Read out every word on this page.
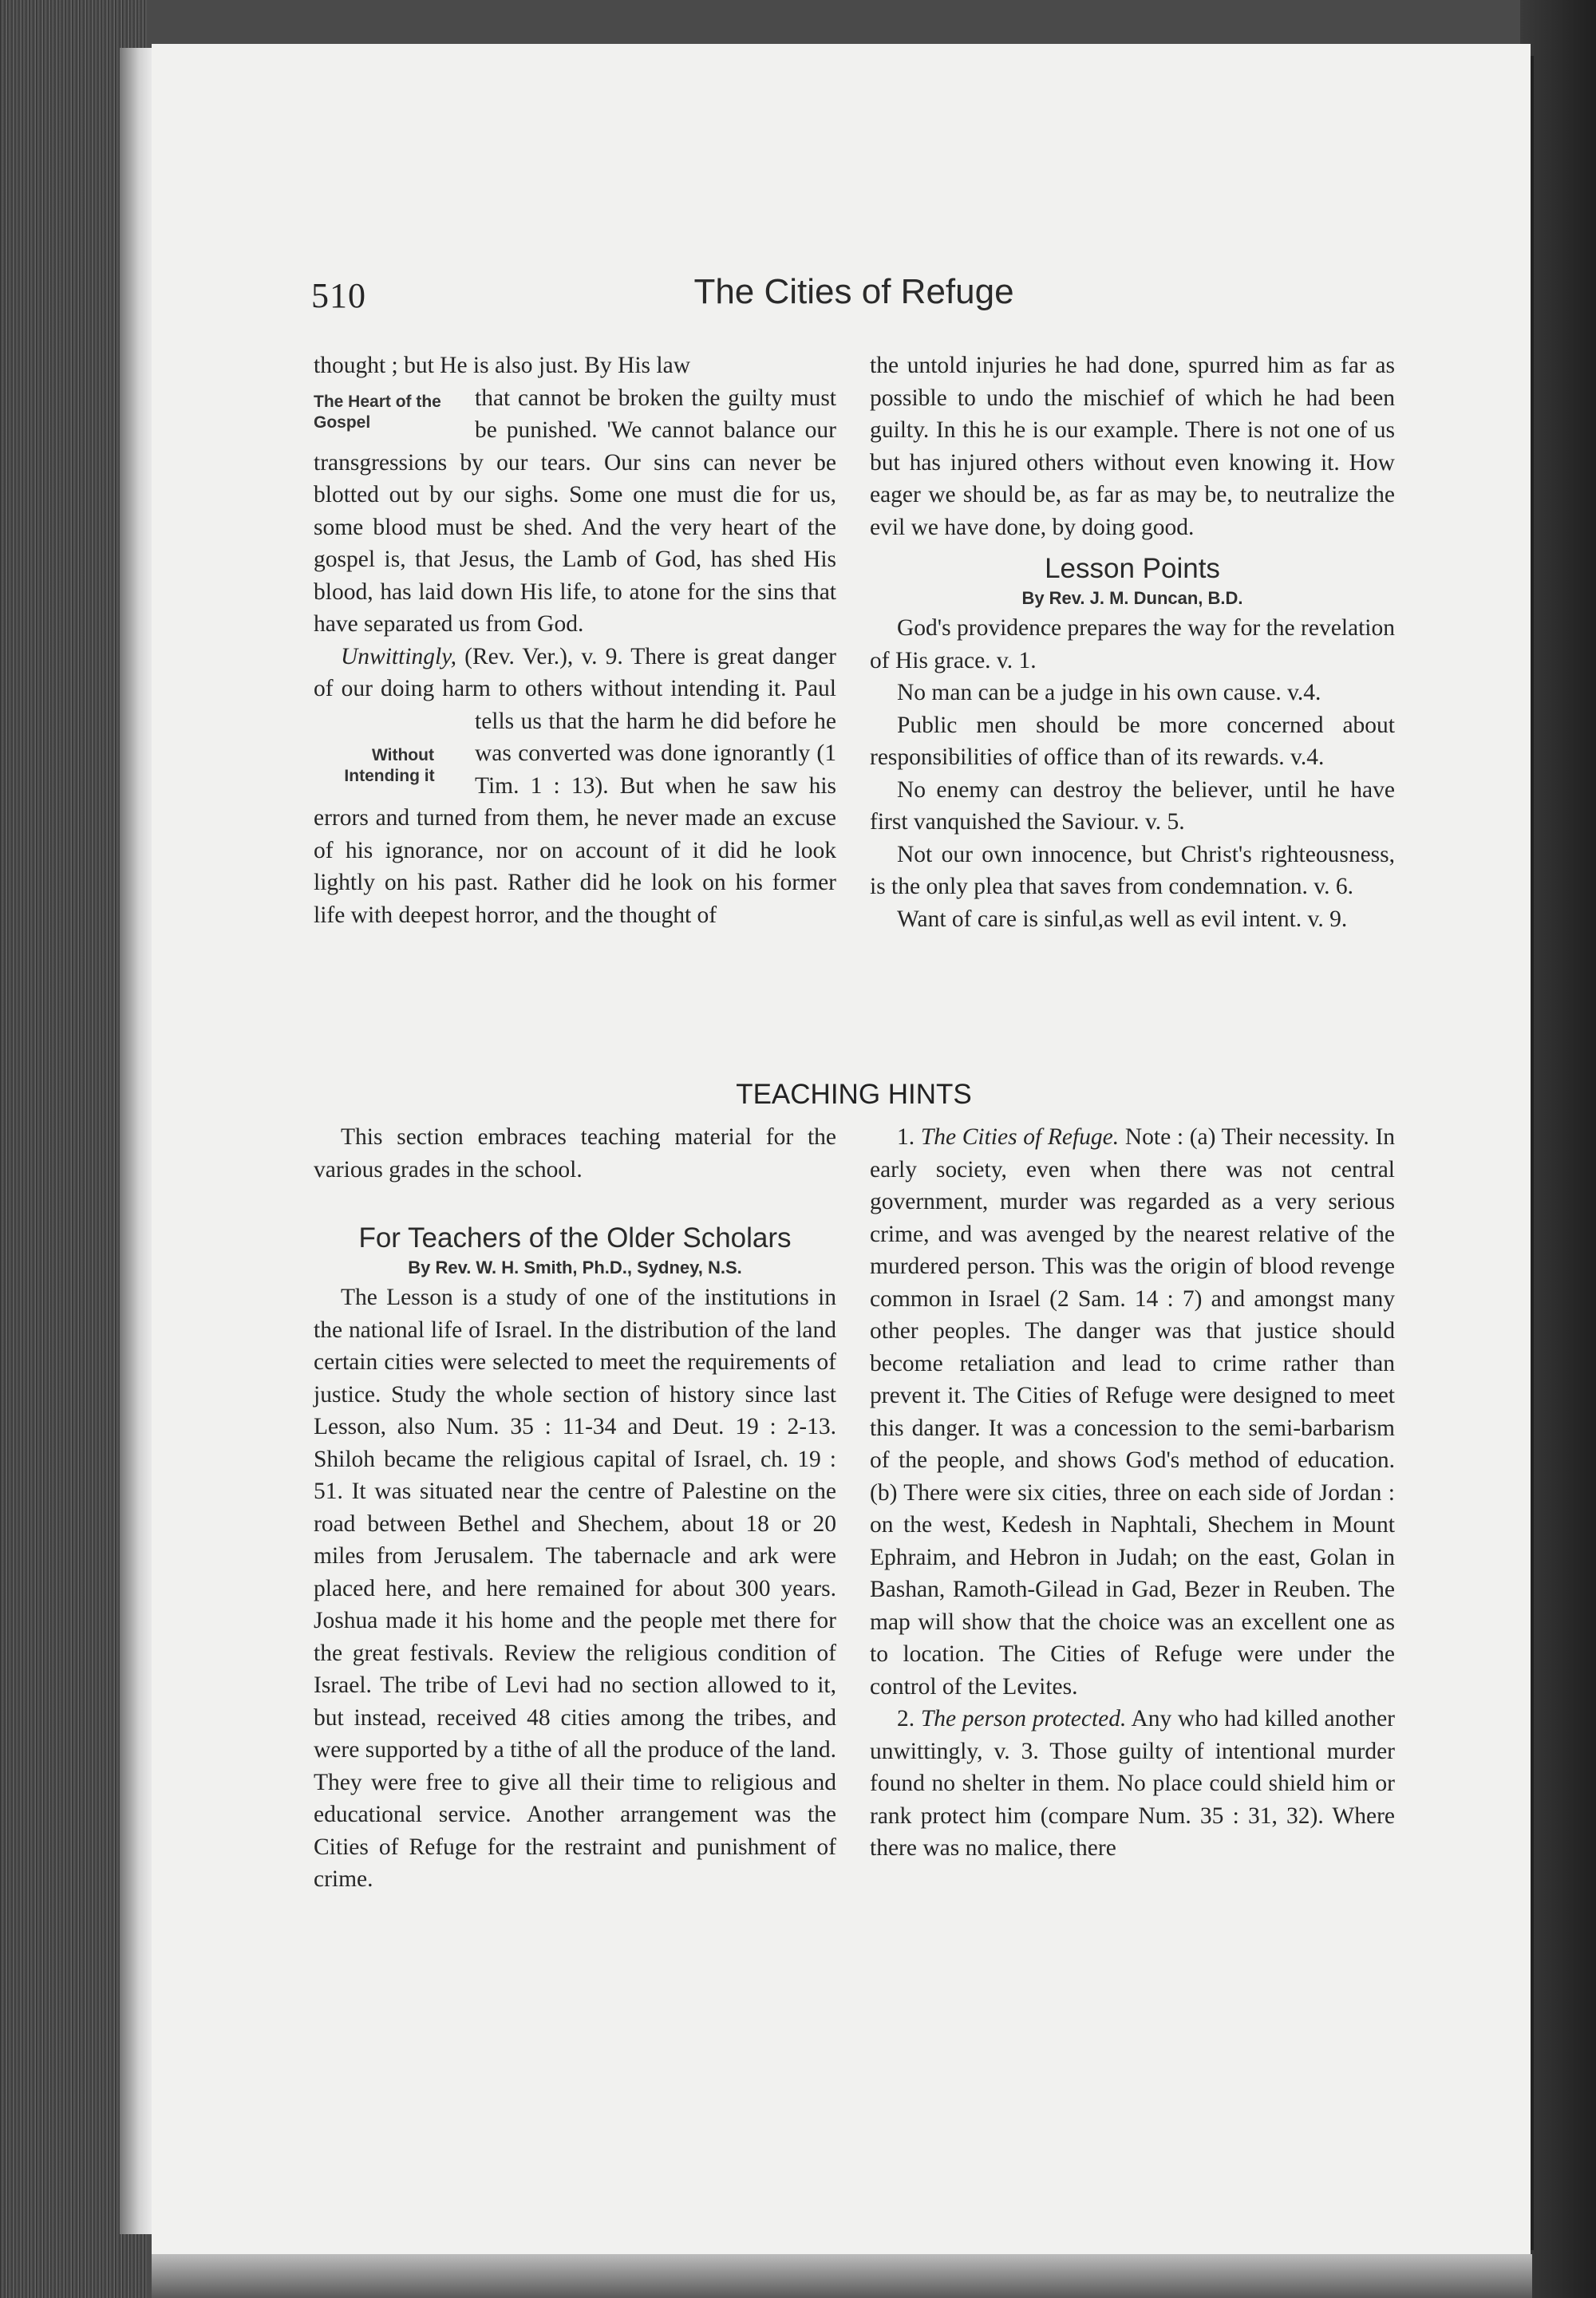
510	The Cities of Refuge

thought ; but He is also just. By His law

The Heart of the Gospel
that cannot be broken the guilty must be punished. 'We cannot balance our transgressions by our tears. Our sins can never be blotted out by our sighs. Some one must die for us, some blood must be shed. And the very heart of the gospel is, that Jesus, the Lamb of God, has shed His blood, has laid down His life, to atone for the sins that have separated us from God.

Unwittingly, (Rev. Ver.), v. 9. There is great danger of our doing harm to others without intending it. Paul tells us that the
Without Intending it
harm he did before he was converted was done ignorantly (1 Tim. 1 : 13). But when he saw his errors and turned from them, he never made an excuse of his ignorance, nor on account of it did he look lightly on his past. Rather did he look on his former life with deepest horror, and the thought of

the untold injuries he had done, spurred him as far as possible to undo the mischief of which he had been guilty. In this he is our example. There is not one of us but has injured others without even knowing it. How eager we should be, as far as may be, to neutralize the evil we have done, by doing good.

Lesson Points
By Rev. J. M. Duncan, B.D.

God's providence prepares the way for the revelation of His grace. v. 1.

No man can be a judge in his own cause. v.4.

Public men should be more concerned about responsibilities of office than of its rewards. v.4.

No enemy can destroy the believer, until he have first vanquished the Saviour. v. 5.

Not our own innocence, but Christ's righteousness, is the only plea that saves from condemnation. v. 6.

Want of care is sinful,as well as evil intent. v. 9.

TEACHING HINTS

This section embraces teaching material for the various grades in the school.

For Teachers of the Older Scholars
By Rev. W. H. Smith, Ph.D., Sydney, N.S.

The Lesson is a study of one of the institutions in the national life of Israel. In the distribution of the land certain cities were selected to meet the requirements of justice. Study the whole section of history since last Lesson, also Num. 35 : 11-34 and Deut. 19 : 2-13. Shiloh became the religious capital of Israel, ch. 19 : 51. It was situated near the centre of Palestine on the road between Bethel and Shechem, about 18 or 20 miles from Jerusalem. The tabernacle and ark were placed here, and here remained for about 300 years. Joshua made it his home and the people met there for the great festivals. Review the religious condition of Israel. The tribe of Levi had no section allowed to it, but instead, received 48 cities among the tribes, and were supported by a tithe of all the produce of the land. They were free to give all their time to religious and educational service. Another arrangement was the Cities of Refuge for the restraint and punishment of crime.

1. The Cities of Refuge. Note : (a) Their necessity. In early society, even when there was not central government, murder was regarded as a very serious crime, and was avenged by the nearest relative of the murdered person. This was the origin of blood revenge common in Israel (2 Sam. 14 : 7) and amongst many other peoples. The danger was that justice should become retaliation and lead to crime rather than prevent it. The Cities of Refuge were designed to meet this danger. It was a concession to the semi-barbarism of the people, and shows God's method of education. (b) There were six cities, three on each side of Jordan : on the west, Kedesh in Naphtali, Shechem in Mount Ephraim, and Hebron in Judah; on the east, Golan in Bashan, Ramoth-Gilead in Gad, Bezer in Reuben. The map will show that the choice was an excellent one as to location. The Cities of Refuge were under the control of the Levites.

2. The person protected. Any who had killed another unwittingly, v. 3. Those guilty of intentional murder found no shelter in them. No place could shield him or rank protect him (compare Num. 35 : 31, 32). Where there was no malice, there
